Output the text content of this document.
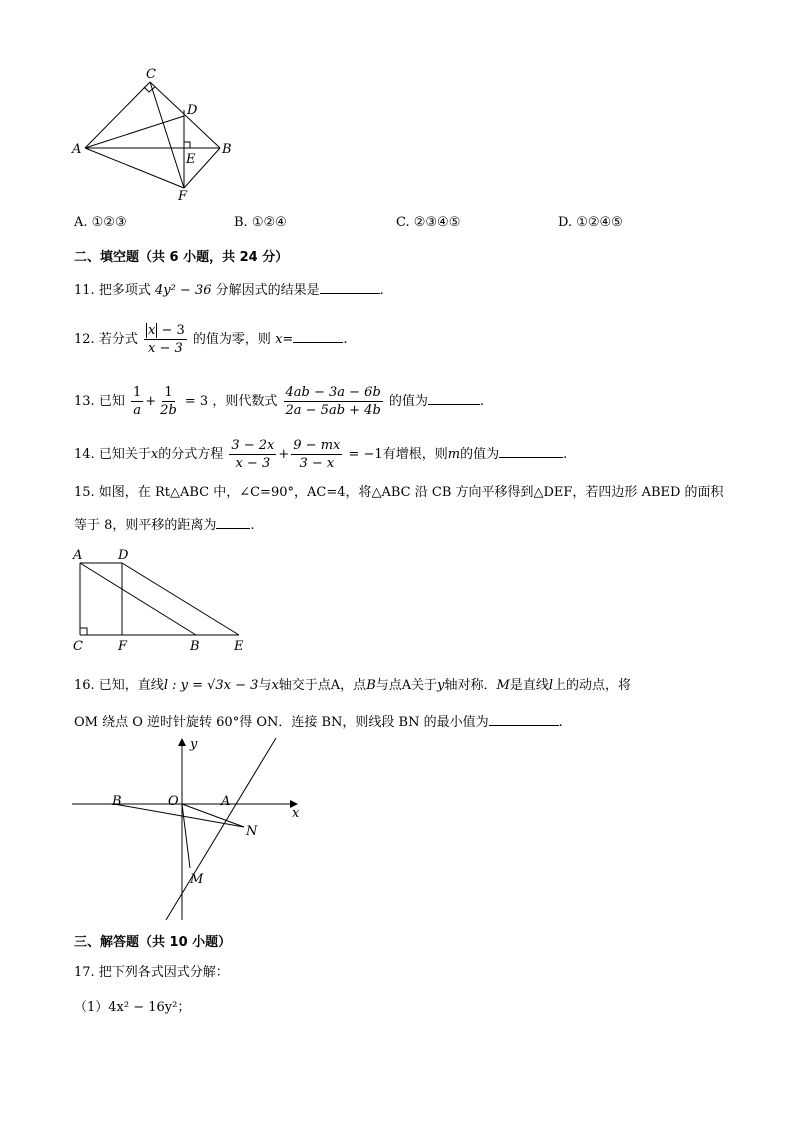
C
D
A	B
E
F
A. ①②③	B. ①②④	C. ②③④⑤	D. ①②④⑤
二、填空题（共 6 小题，共 24 分）
11. 把多项式 4y² − 36 分解因式的结果是	.
12. 若分式 $\frac{x - 3}{x - 3}$ 的值为零，则 x=	.
13. 已知 $\frac{1}{a} + \frac{1}{2b} = 3$ ，则代数式 $\frac{4ab - 3a - 6b}{2a - 5ab + 4b}$ 的值为	.
14. 已知关于x的分式方程 $\frac{3 - 2x}{x - 3} + \frac{9 - mx}{3 - x} = -1$有增根，则m的值为	.
15. 如图，在 Rt△ABC 中，∠C=90°，AC=4，将△ABC 沿 CB 方向平移得到△DEF，若四边形 ABED 的面积
等于 8，则平移的距离为	.
A	D
C	F	B	E
16. 已知，直线l : y = √3x − 3与x轴交于点A，点B与点A关于y轴对称．M是直线l上的动点，将
OM 绕点 O 逆时针旋转 60°得 ON．连接 BN，则线段 BN 的最小值为	.
y
x
B	O	A
N
M
三、解答题（共 10 小题）
17. 把下列各式因式分解：
（1）4x² − 16y²；
